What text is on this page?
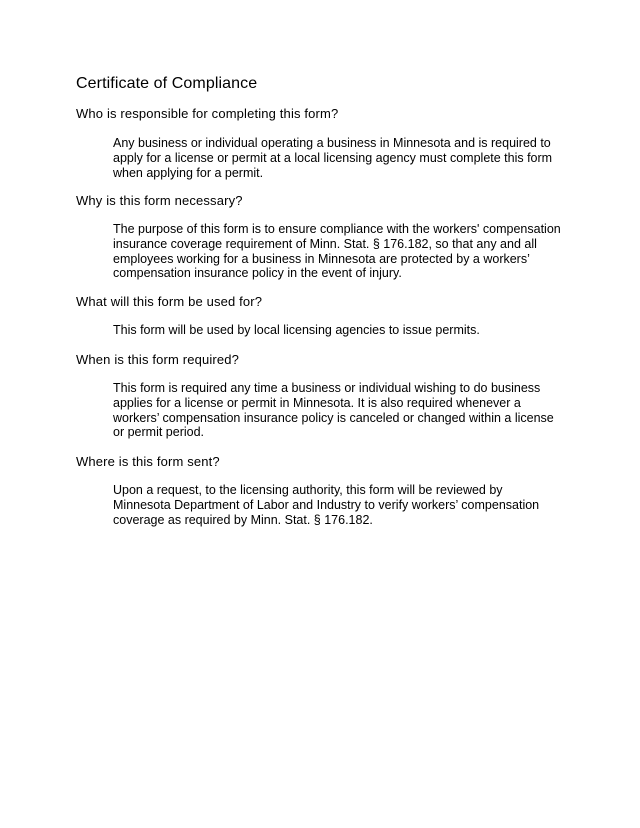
Certificate of Compliance
Who is responsible for completing this form?
Any business or individual operating a business in Minnesota and is required to
apply for a license or permit at a local licensing agency must complete this form
when applying for a permit.
Why is this form necessary?
The purpose of this form is to ensure compliance with the workers' compensation
insurance coverage requirement of Minn. Stat. § 176.182, so that any and all
employees working for a business in Minnesota are protected by a workers’
compensation insurance policy in the event of injury.
What will this form be used for?
This form will be used by local licensing agencies to issue permits.
When is this form required?
This form is required any time a business or individual wishing to do business
applies for a license or permit in Minnesota. It is also required whenever a
workers’ compensation insurance policy is canceled or changed within a license
or permit period.
Where is this form sent?
Upon a request, to the licensing authority, this form will be reviewed by
Minnesota Department of Labor and Industry to verify workers’ compensation
coverage as required by Minn. Stat. § 176.182.
